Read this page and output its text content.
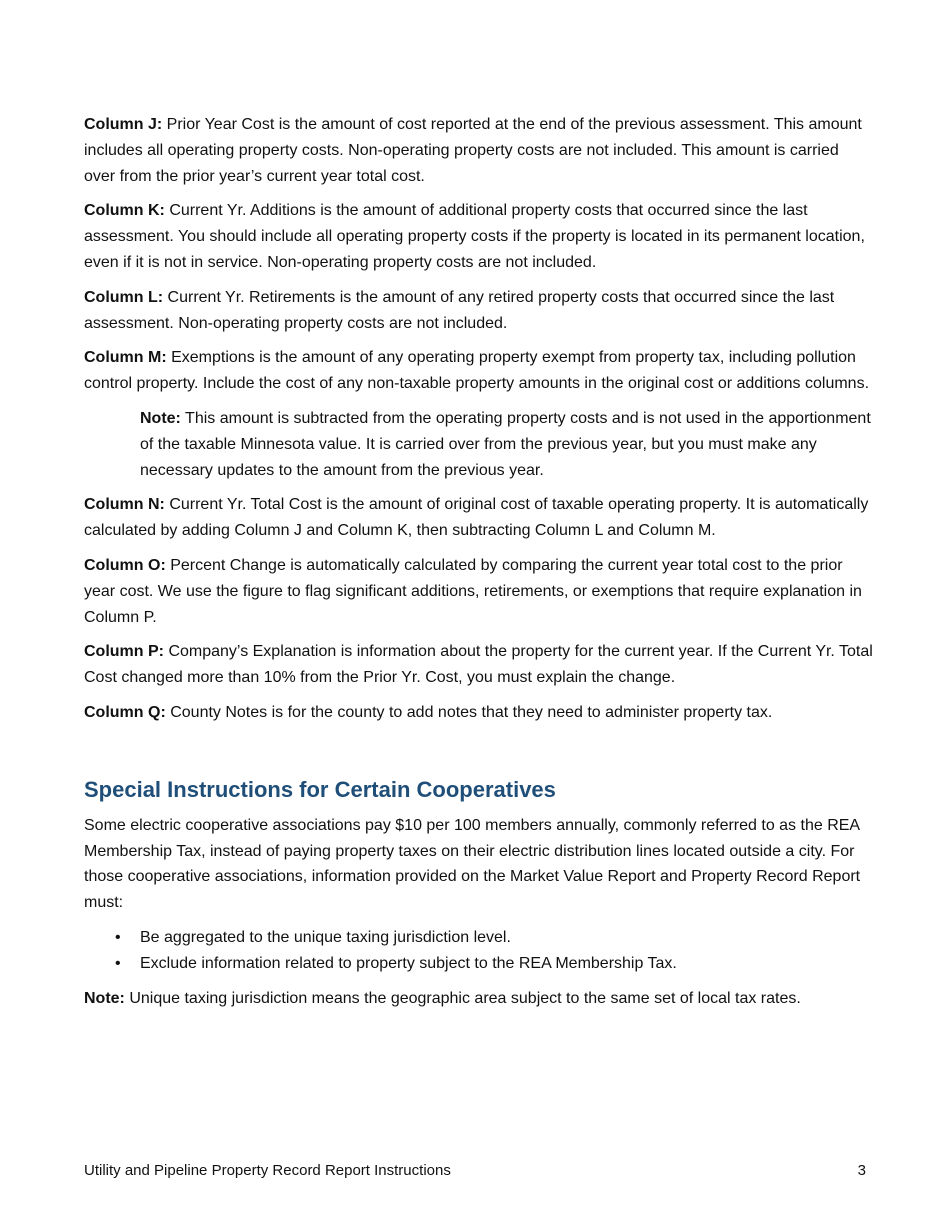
Column J: Prior Year Cost is the amount of cost reported at the end of the previous assessment. This amount includes all operating property costs. Non-operating property costs are not included. This amount is carried over from the prior year’s current year total cost.

Column K: Current Yr. Additions is the amount of additional property costs that occurred since the last assessment. You should include all operating property costs if the property is located in its permanent location, even if it is not in service. Non-operating property costs are not included.

Column L: Current Yr. Retirements is the amount of any retired property costs that occurred since the last assessment. Non-operating property costs are not included.

Column M: Exemptions is the amount of any operating property exempt from property tax, including pollution control property. Include the cost of any non-taxable property amounts in the original cost or additions columns.

Note: This amount is subtracted from the operating property costs and is not used in the apportionment of the taxable Minnesota value. It is carried over from the previous year, but you must make any necessary updates to the amount from the previous year.

Column N: Current Yr. Total Cost is the amount of original cost of taxable operating property. It is automatically calculated by adding Column J and Column K, then subtracting Column L and Column M.

Column O: Percent Change is automatically calculated by comparing the current year total cost to the prior year cost. We use the figure to flag significant additions, retirements, or exemptions that require explanation in Column P.

Column P: Company’s Explanation is information about the property for the current year. If the Current Yr. Total Cost changed more than 10% from the Prior Yr. Cost, you must explain the change.

Column Q: County Notes is for the county to add notes that they need to administer property tax.

Special Instructions for Certain Cooperatives

Some electric cooperative associations pay $10 per 100 members annually, commonly referred to as the REA Membership Tax, instead of paying property taxes on their electric distribution lines located outside a city. For those cooperative associations, information provided on the Market Value Report and Property Record Report must:

• Be aggregated to the unique taxing jurisdiction level.
• Exclude information related to property subject to the REA Membership Tax.

Note: Unique taxing jurisdiction means the geographic area subject to the same set of local tax rates.

Utility and Pipeline Property Record Report Instructions	3
